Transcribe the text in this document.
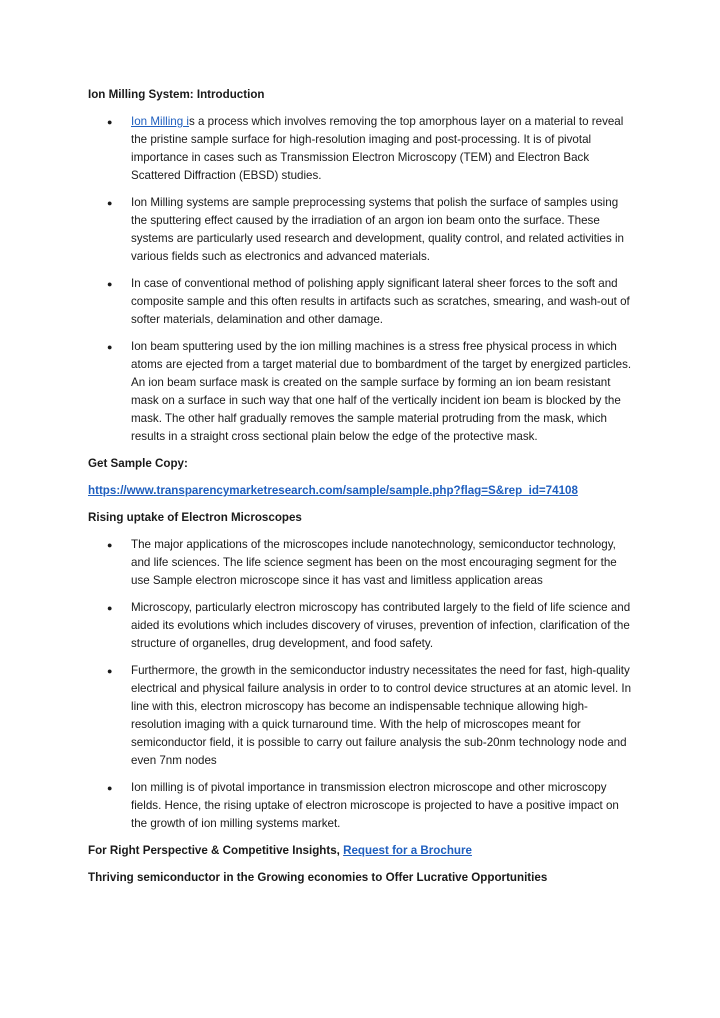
Ion Milling System: Introduction

● Ion Milling is a process which involves removing the top amorphous layer on a material to reveal the pristine sample surface for high-resolution imaging and post-processing. It is of pivotal importance in cases such as Transmission Electron Microscopy (TEM) and Electron Back Scattered Diffraction (EBSD) studies.
● Ion Milling systems are sample preprocessing systems that polish the surface of samples using the sputtering effect caused by the irradiation of an argon ion beam onto the surface. These systems are particularly used research and development, quality control, and related activities in various fields such as electronics and advanced materials.
● In case of conventional method of polishing apply significant lateral sheer forces to the soft and composite sample and this often results in artifacts such as scratches, smearing, and wash-out of softer materials, delamination and other damage.
● Ion beam sputtering used by the ion milling machines is a stress free physical process in which atoms are ejected from a target material due to bombardment of the target by energized particles. An ion beam surface mask is created on the sample surface by forming an ion beam resistant mask on a surface in such way that one half of the vertically incident ion beam is blocked by the mask. The other half gradually removes the sample material protruding from the mask, which results in a straight cross sectional plain below the edge of the protective mask.

Get Sample Copy:

https://www.transparencymarketresearch.com/sample/sample.php?flag=S&rep_id=74108

Rising uptake of Electron Microscopes

● The major applications of the microscopes include nanotechnology, semiconductor technology, and life sciences. The life science segment has been on the most encouraging segment for the use Sample electron microscope since it has vast and limitless application areas
● Microscopy, particularly electron microscopy has contributed largely to the field of life science and aided its evolutions which includes discovery of viruses, prevention of infection, clarification of the structure of organelles, drug development, and food safety.
● Furthermore, the growth in the semiconductor industry necessitates the need for fast, high-quality electrical and physical failure analysis in order to to control device structures at an atomic level. In line with this, electron microscopy has become an indispensable technique allowing high-resolution imaging with a quick turnaround time. With the help of microscopes meant for semiconductor field, it is possible to carry out failure analysis the sub-20nm technology node and even 7nm nodes
● Ion milling is of pivotal importance in transmission electron microscope and other microscopy fields. Hence, the rising uptake of electron microscope is projected to have a positive impact on the growth of ion milling systems market.

For Right Perspective & Competitive Insights, Request for a Brochure

Thriving semiconductor in the Growing economies to Offer Lucrative Opportunities
